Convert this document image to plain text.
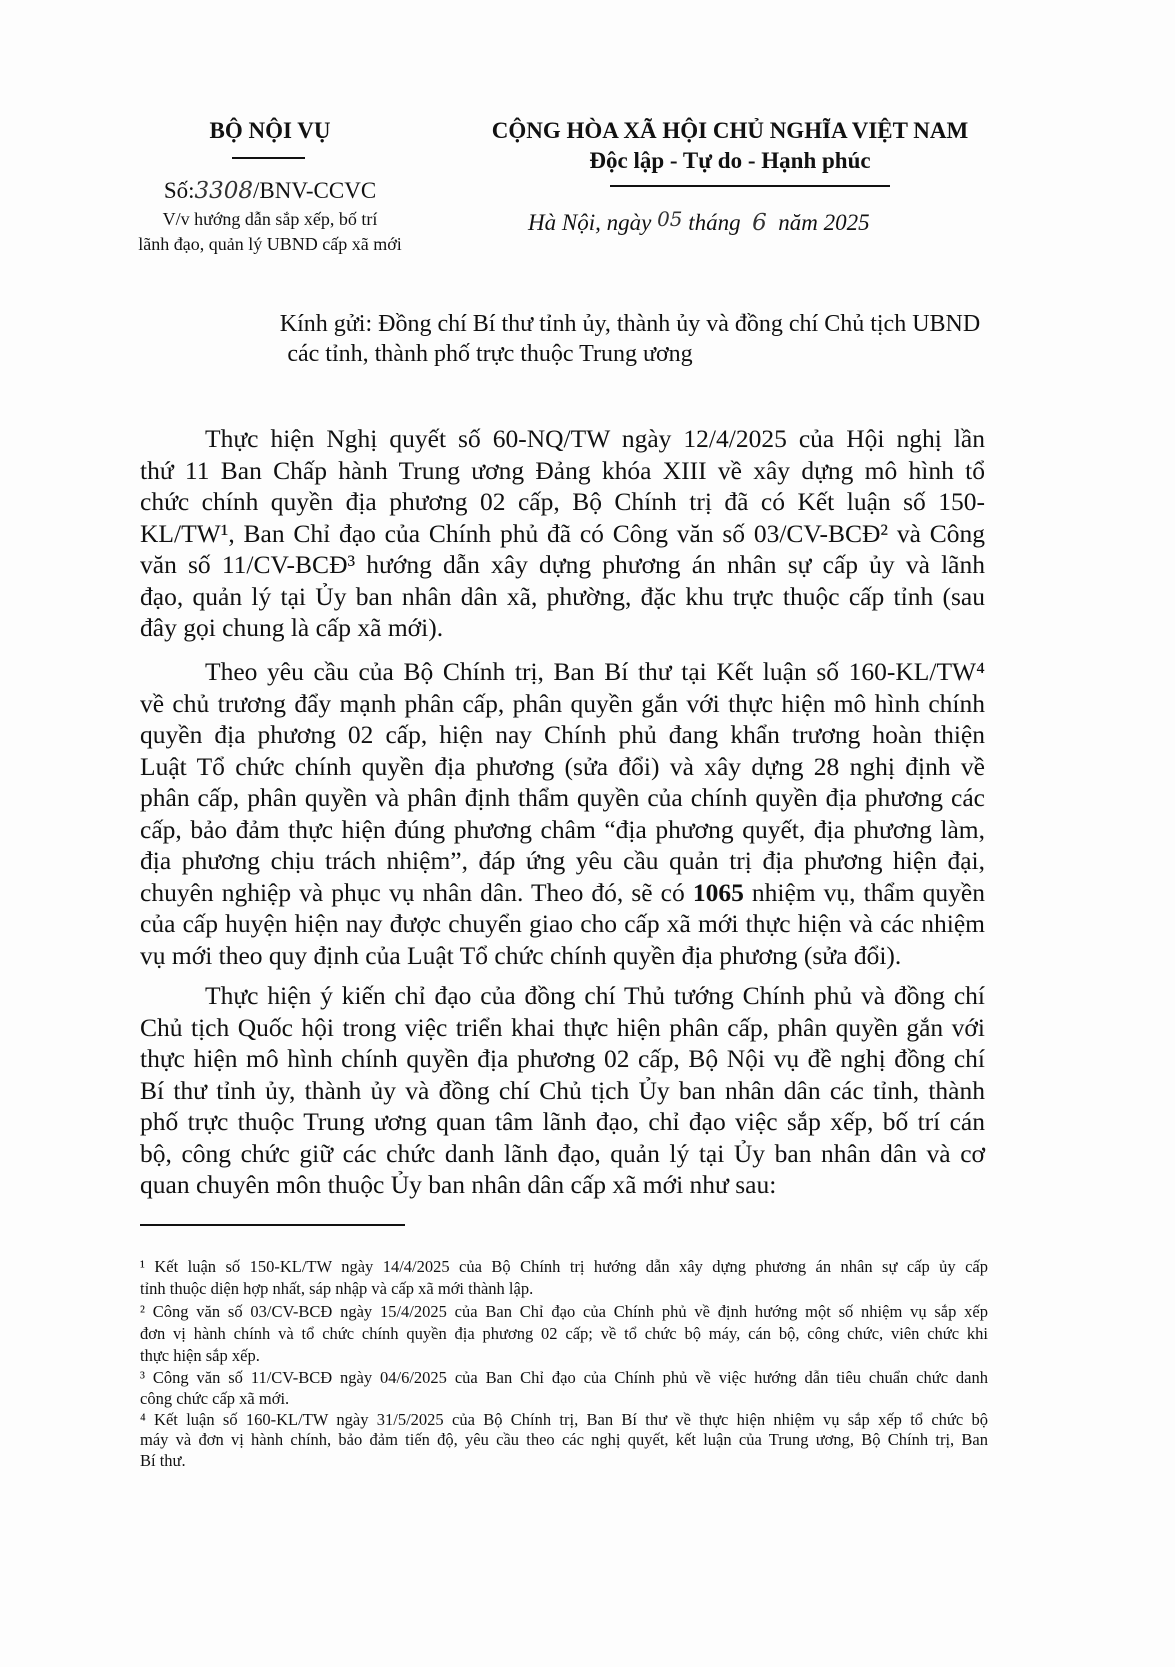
BỘ NỘI VỤ	CỘNG HÒA XÃ HỘI CHỦ NGHĨA VIỆT NAM
Độc lập - Tự do - Hạnh phúc
Số:3308/BNV-CCVC
V/v hướng dẫn sắp xếp, bố trí
lãnh đạo, quản lý UBND cấp xã mới
Hà Nội, ngày 05 tháng 6 năm 2025
Kính gửi: Đồng chí Bí thư tỉnh ủy, thành ủy và đồng chí Chủ tịch UBND
các tỉnh, thành phố trực thuộc Trung ương
Thực hiện Nghị quyết số 60-NQ/TW ngày 12/4/2025 của Hội nghị lần
thứ 11 Ban Chấp hành Trung ương Đảng khóa XIII về xây dựng mô hình tổ
chức chính quyền địa phương 02 cấp, Bộ Chính trị đã có Kết luận số 150-
KL/TW¹, Ban Chỉ đạo của Chính phủ đã có Công văn số 03/CV-BCĐ² và Công
văn số 11/CV-BCĐ³ hướng dẫn xây dựng phương án nhân sự cấp ủy và lãnh
đạo, quản lý tại Ủy ban nhân dân xã, phường, đặc khu trực thuộc cấp tỉnh (sau
đây gọi chung là cấp xã mới).
Theo yêu cầu của Bộ Chính trị, Ban Bí thư tại Kết luận số 160-KL/TW⁴
về chủ trương đẩy mạnh phân cấp, phân quyền gắn với thực hiện mô hình chính
quyền địa phương 02 cấp, hiện nay Chính phủ đang khẩn trương hoàn thiện
Luật Tổ chức chính quyền địa phương (sửa đổi) và xây dựng 28 nghị định về
phân cấp, phân quyền và phân định thẩm quyền của chính quyền địa phương các
cấp, bảo đảm thực hiện đúng phương châm “địa phương quyết, địa phương làm,
địa phương chịu trách nhiệm”, đáp ứng yêu cầu quản trị địa phương hiện đại,
chuyên nghiệp và phục vụ nhân dân. Theo đó, sẽ có 1065 nhiệm vụ, thẩm quyền
của cấp huyện hiện nay được chuyển giao cho cấp xã mới thực hiện và các nhiệm
vụ mới theo quy định của Luật Tổ chức chính quyền địa phương (sửa đổi).
Thực hiện ý kiến chỉ đạo của đồng chí Thủ tướng Chính phủ và đồng chí
Chủ tịch Quốc hội trong việc triển khai thực hiện phân cấp, phân quyền gắn với
thực hiện mô hình chính quyền địa phương 02 cấp, Bộ Nội vụ đề nghị đồng chí
Bí thư tỉnh ủy, thành ủy và đồng chí Chủ tịch Ủy ban nhân dân các tỉnh, thành
phố trực thuộc Trung ương quan tâm lãnh đạo, chỉ đạo việc sắp xếp, bố trí cán
bộ, công chức giữ các chức danh lãnh đạo, quản lý tại Ủy ban nhân dân và cơ
quan chuyên môn thuộc Ủy ban nhân dân cấp xã mới như sau:
¹ Kết luận số 150-KL/TW ngày 14/4/2025 của Bộ Chính trị hướng dẫn xây dựng phương án nhân sự cấp ủy cấp
tỉnh thuộc diện hợp nhất, sáp nhập và cấp xã mới thành lập.
² Công văn số 03/CV-BCĐ ngày 15/4/2025 của Ban Chỉ đạo của Chính phủ về định hướng một số nhiệm vụ sắp xếp
đơn vị hành chính và tổ chức chính quyền địa phương 02 cấp; về tổ chức bộ máy, cán bộ, công chức, viên chức khi
thực hiện sắp xếp.
³ Công văn số 11/CV-BCĐ ngày 04/6/2025 của Ban Chỉ đạo của Chính phủ về việc hướng dẫn tiêu chuẩn chức danh
công chức cấp xã mới.
⁴ Kết luận số 160-KL/TW ngày 31/5/2025 của Bộ Chính trị, Ban Bí thư về thực hiện nhiệm vụ sắp xếp tổ chức bộ
máy và đơn vị hành chính, bảo đảm tiến độ, yêu cầu theo các nghị quyết, kết luận của Trung ương, Bộ Chính trị, Ban
Bí thư.
